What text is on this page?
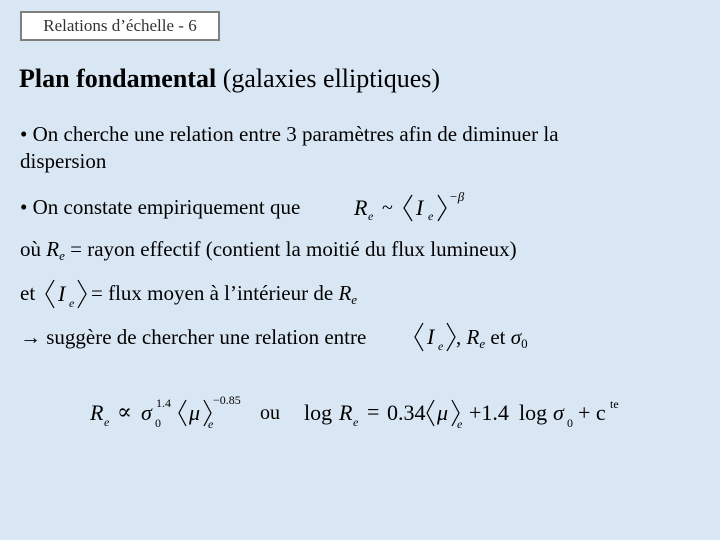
Relations d’échelle - 6
Plan fondamental (galaxies elliptiques)
• On cherche une relation entre 3 paramètres afin de diminuer la
dispersion
• On constate empiriquement que R e ~ I e
−β
où $R_e$ = rayon effectif (contient la moitié du flux lumineux)
et I e = flux moyen à l’intérieur de $R_e$
→ suggère de chercher une relation entre	I e , $R_e$ et $\sigma_0$
R e ∝ σ 0
1.4 μ e
−0.85
ou log R e = 0.34 μ e +1.4 log σ 0 + c te
